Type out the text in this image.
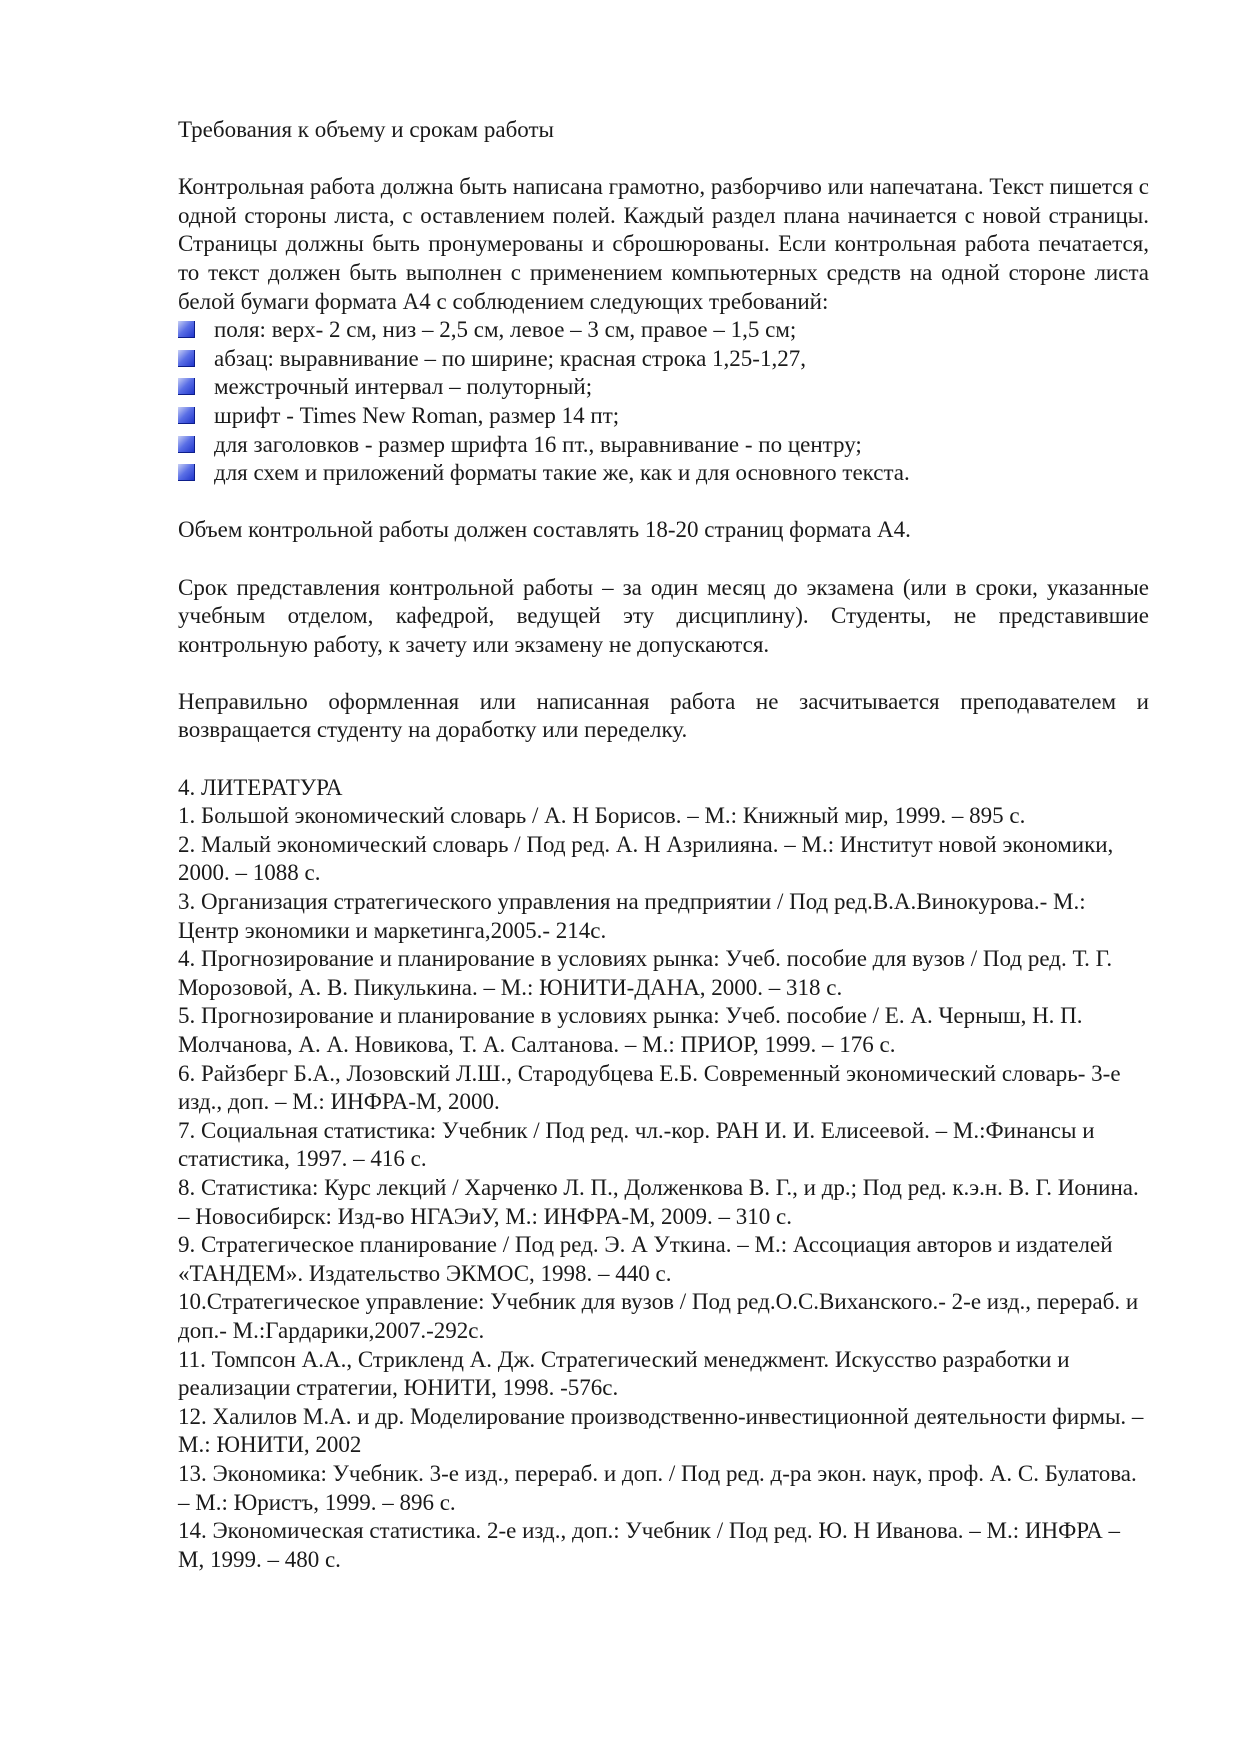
Требования к объему и срокам работы

Контрольная работа должна быть написана грамотно, разборчиво или напечатана. Текст пишется с одной стороны листа, с оставлением полей. Каждый раздел плана начинается с новой страницы. Страницы должны быть пронумерованы и сброшюрованы. Если контрольная работа печатается, то текст должен быть выполнен с применением компьютерных средств на одной стороне листа белой бумаги формата А4 с соблюдением следующих требований:

поля: верх- 2 см, низ – 2,5 см, левое – 3 см, правое – 1,5 см;
абзац: выравнивание – по ширине; красная строка 1,25-1,27,
межстрочный интервал – полуторный;
шрифт - Times New Roman, размер 14 пт;
для заголовков - размер шрифта 16 пт., выравнивание - по центру;
для схем и приложений форматы такие же, как и для основного текста.

Объем контрольной работы должен составлять 18-20 страниц формата А4.

Срок представления контрольной работы – за один месяц до экзамена (или в сроки, указанные учебным отделом, кафедрой, ведущей эту дисциплину). Студенты, не представившие контрольную работу, к зачету или экзамену не допускаются.

Неправильно оформленная или написанная работа не засчитывается преподавателем и возвращается студенту на доработку или переделку.

4. ЛИТЕРАТУРА

1. Большой экономический словарь / А. Н Борисов. – М.: Книжный мир, 1999. – 895 с.
2. Малый экономический словарь / Под ред. А. Н Азрилияна. – М.: Институт новой экономики, 2000. – 1088 с.
3. Организация стратегического управления на предприятии / Под ред.В.А.Винокурова.- М.: Центр экономики и маркетинга,2005.- 214с.
4. Прогнозирование и планирование в условиях рынка: Учеб. пособие для вузов / Под ред. Т. Г. Морозовой, А. В. Пикулькина. – М.: ЮНИТИ-ДАНА, 2000. – 318 с.
5. Прогнозирование и планирование в условиях рынка: Учеб. пособие / Е. А. Черныш, Н. П. Молчанова, А. А. Новикова, Т. А. Салтанова. – М.: ПРИОР, 1999. – 176 с.
6. Райзберг Б.А., Лозовский Л.Ш., Стародубцева Е.Б. Современный экономический словарь- 3-е изд., доп. – М.: ИНФРА-М, 2000.
7. Социальная статистика: Учебник / Под ред. чл.-кор. РАН И. И. Елисеевой. – М.:Финансы и статистика, 1997. – 416 с.
8. Статистика: Курс лекций / Харченко Л. П., Долженкова В. Г., и др.; Под ред. к.э.н. В. Г. Ионина. – Новосибирск: Изд-во НГАЭиУ, М.: ИНФРА-М, 2009. – 310 с.
9. Стратегическое планирование / Под ред. Э. А Уткина. – М.: Ассоциация авторов и издателей «ТАНДЕМ». Издательство ЭКМОС, 1998. – 440 с.
10.Стратегическое управление: Учебник для вузов / Под ред.О.С.Виханского.- 2-е изд., перераб. и доп.- М.:Гардарики,2007.-292с.
11. Томпсон А.А., Стрикленд А. Дж. Стратегический менеджмент. Искусство разработки и реализации стратегии, ЮНИТИ, 1998. -576с.
12. Халилов М.А. и др. Моделирование производственно-инвестиционной деятельности фирмы. – М.: ЮНИТИ, 2002
13. Экономика: Учебник. 3-е изд., перераб. и доп. / Под ред. д-ра экон. наук, проф. А. С. Булатова. – М.: Юристъ, 1999. – 896 с.
14. Экономическая статистика. 2-е изд., доп.: Учебник / Под ред. Ю. Н Иванова. – М.: ИНФРА – М, 1999. – 480 с.
